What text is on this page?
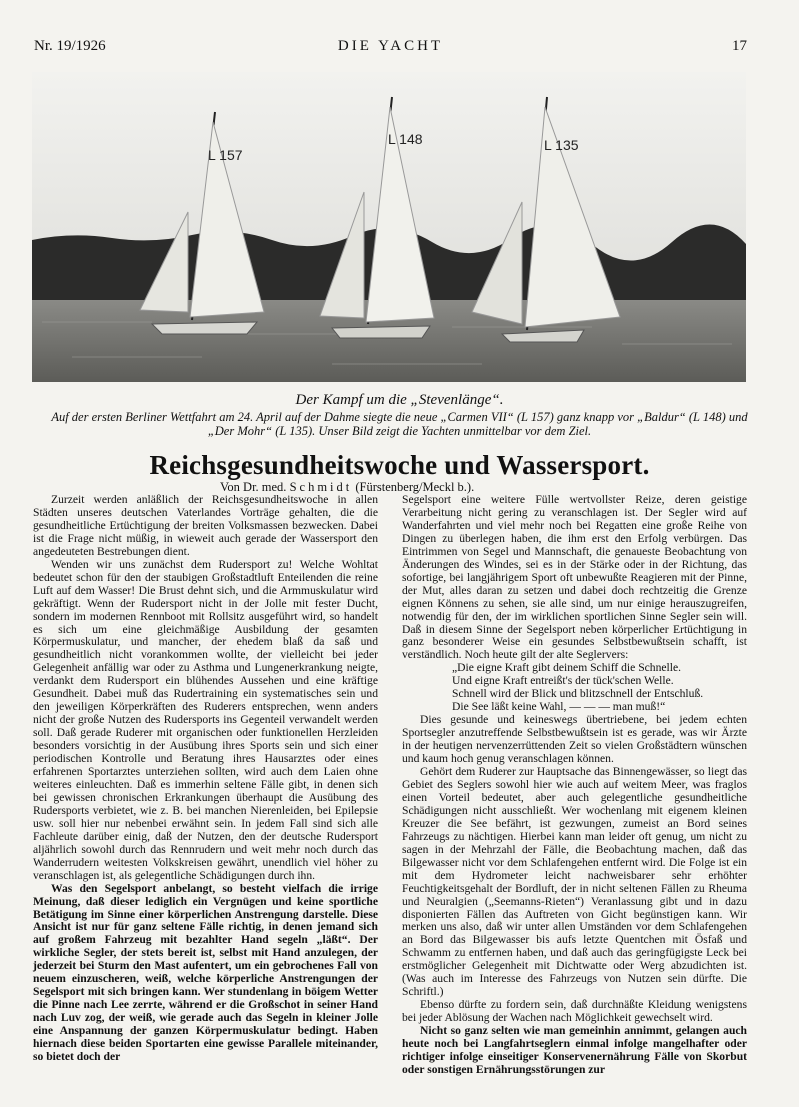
Nr. 19/1926	DIE YACHT	17
L 157
L 148	L 135
Der Kampf um die „Stevenlänge“.
Auf der ersten Berliner Wettfahrt am 24. April auf der Dahme siegte die neue „Carmen VII“ (L 157) ganz knapp vor „Baldur“ (L 148) und „Der Mohr“ (L 135). Unser Bild zeigt die Yachten unmittelbar vor dem Ziel.
Reichsgesundheitswoche und Wassersport.
Von Dr. med. Schmidt (Fürstenberg/Meckl b.).

Zurzeit werden anläßlich der Reichsgesundheitswoche in allen Städten unseres deutschen Vaterlandes Vorträge gehalten, die die gesundheitliche Ertüchtigung der breiten Volksmassen bezwecken. Dabei ist die Frage nicht müßig, in wieweit auch gerade der Wassersport den angedeuteten Bestrebungen dient.

Wenden wir uns zunächst dem Rudersport zu! Welche Wohltat bedeutet schon für den der staubigen Großstadtluft Enteilenden die reine Luft auf dem Wasser! Die Brust dehnt sich, und die Armmuskulatur wird gekräftigt. Wenn der Rudersport nicht in der Jolle mit fester Ducht, sondern im modernen Rennboot mit Rollsitz ausgeführt wird, so handelt es sich um eine gleichmäßige Ausbildung der gesamten Körpermuskulatur, und mancher, der ehedem blaß da saß und gesundheitlich nicht vorankommen wollte, der vielleicht bei jeder Gelegenheit anfällig war oder zu Asthma und Lungenerkrankung neigte, verdankt dem Rudersport ein blühendes Aussehen und eine kräftige Gesundheit. Dabei muß das Rudertraining ein systematisches sein und den jeweiligen Körperkräften des Ruderers entsprechen, wenn anders nicht der große Nutzen des Rudersports ins Gegenteil verwandelt werden soll. Daß gerade Ruderer mit organischen oder funktionellen Herzleiden besonders vorsichtig in der Ausübung ihres Sports sein und sich einer periodischen Kontrolle und Beratung ihres Hausarztes oder eines erfahrenen Sportarztes unterziehen sollten, wird auch dem Laien ohne weiteres einleuchten. Daß es immerhin seltene Fälle gibt, in denen sich bei gewissen chronischen Erkrankungen überhaupt die Ausübung des Rudersports verbietet, wie z. B. bei manchen Nierenleiden, bei Epilepsie usw. soll hier nur nebenbei erwähnt sein. In jedem Fall sind sich alle Fachleute darüber einig, daß der Nutzen, den der deutsche Rudersport aljährlich sowohl durch das Rennrudern und weit mehr noch durch das Wanderrudern weitesten Volkskreisen gewährt, unendlich viel höher zu veranschlagen ist, als gelegentliche Schädigungen durch ihn.

Was den Segelsport anbelangt, so besteht vielfach die irrige Meinung, daß dieser lediglich ein Vergnügen und keine sportliche Betätigung im Sinne einer körperlichen Anstrengung darstelle. Diese Ansicht ist nur für ganz seltene Fälle richtig, in denen jemand sich auf großem Fahrzeug mit bezahlter Hand segeln „läßt“. Der wirkliche Segler, der stets bereit ist, selbst mit Hand anzulegen, der jederzeit bei Sturm den Mast aufentert, um ein gebrochenes Fall von neuem einzuscheren, weiß, welche körperliche Anstrengungen der Segelsport mit sich bringen kann. Wer stundenlang in böigem Wetter die Pinne nach Lee zerrte, während er die Großschot in seiner Hand nach Luv zog, der weiß, wie gerade auch das Segeln in kleiner Jolle eine Anspannung der ganzen Körpermuskulatur bedingt. Haben hiernach diese beiden Sportarten eine gewisse Parallele miteinander, so bietet doch der

Segelsport eine weitere Fülle wertvollster Reize, deren geistige Verarbeitung nicht gering zu veranschlagen ist. Der Segler wird auf Wanderfahrten und viel mehr noch bei Regatten eine große Reihe von Dingen zu überlegen haben, die ihm erst den Erfolg verbürgen. Das Eintrimmen von Segel und Mannschaft, die genaueste Beobachtung von Änderungen des Windes, sei es in der Stärke oder in der Richtung, das sofortige, bei langjährigem Sport oft unbewußte Reagieren mit der Pinne, der Mut, alles daran zu setzen und dabei doch rechtzeitig die Grenze eignen Könnens zu sehen, sie alle sind, um nur einige herauszugreifen, notwendig für den, der im wirklichen sportlichen Sinne Segler sein will. Daß in diesem Sinne der Segelsport neben körperlicher Ertüchtigung in ganz besonderer Weise ein gesundes Selbstbewußtsein schafft, ist verständlich. Noch heute gilt der alte Seglervers:

„Die eigne Kraft gibt deinem Schiff die Schnelle.

Und eigne Kraft entreißt's der tück'schen Welle.

Schnell wird der Blick und blitzschnell der Entschluß.

Die See läßt keine Wahl, — — — man muß!“

Dies gesunde und keineswegs übertriebene, bei jedem echten Sportsegler anzutreffende Selbstbewußtsein ist es gerade, was wir Ärzte in der heutigen nervenzerrüttenden Zeit so vielen Großstädtern wünschen und kaum hoch genug veranschlagen können.

Gehört dem Ruderer zur Hauptsache das Binnengewässer, so liegt das Gebiet des Seglers sowohl hier wie auch auf weitem Meer, was fraglos einen Vorteil bedeutet, aber auch gelegentliche gesundheitliche Schädigungen nicht ausschließt. Wer wochenlang mit eigenem kleinen Kreuzer die See befährt, ist gezwungen, zumeist an Bord seines Fahrzeugs zu nächtigen. Hierbei kann man leider oft genug, um nicht zu sagen in der Mehrzahl der Fälle, die Beobachtung machen, daß das Bilgewasser nicht vor dem Schlafengehen entfernt wird. Die Folge ist ein mit dem Hydrometer leicht nachweisbarer sehr erhöhter Feuchtigkeitsgehalt der Bordluft, der in nicht seltenen Fällen zu Rheuma und Neuralgien („Seemanns-Rieten“) Veranlassung gibt und in dazu disponierten Fällen das Auftreten von Gicht begünstigen kann. Wir merken uns also, daß wir unter allen Umständen vor dem Schlafengehen an Bord das Bilgewasser bis aufs letzte Quentchen mit Ösfaß und Schwamm zu entfernen haben, und daß auch das geringfügigste Leck bei erstmöglicher Gelegenheit mit Dichtwatte oder Werg abzudichten ist. (Was auch im Interesse des Fahrzeugs von Nutzen sein dürfte. Die Schriftl.)

Ebenso dürfte zu fordern sein, daß durchnäßte Kleidung wenigstens bei jeder Ablösung der Wachen nach Möglichkeit gewechselt wird.

Nicht so ganz selten wie man gemeinhin annimmt, gelangen auch heute noch bei Langfahrtseglern einmal infolge mangelhafter oder richtiger infolge einseitiger Konservenernährung Fälle von Skorbut oder sonstigen Ernährungsstörungen zur
